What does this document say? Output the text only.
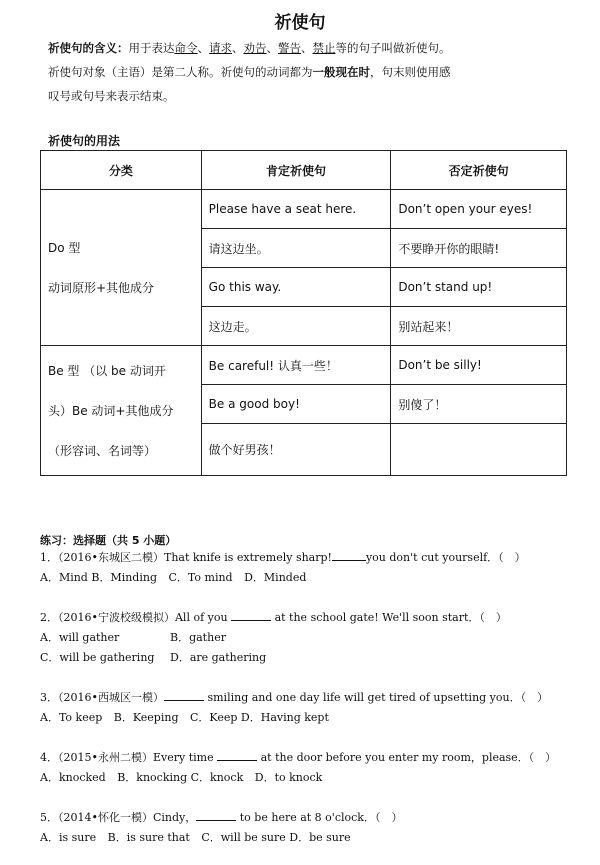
祈使句
祈使句的含义：用于表达命令、请求、劝告、警告、禁止等的句子叫做祈使句。
祈使句对象（主语）是第二人称。祈使句的动词都为一般现在时，句末则使用感
叹号或句号来表示结束。
祈使句的用法
分类	肯定祈使句	否定祈使句

Do 型
动词原形+其他成分	Please have a seat here.	Don’t open your eyes!
	请这边坐。	不要睁开你的眼睛!
	Go this way.	Don’t stand up!
	这边走。	别站起来！

Be 型 （以 be 动词开
头）Be 动词+其他成分
（形容词、名词等）	Be careful! 认真一些！	Don’t be silly!
	Be a good boy!	别傻了！
	做个好男孩！	
练习：选择题（共 5 小题）
1．（2016•东城区二模）That knife is extremely sharp!	you don't cut yourself．（　）
A．Mind B．Minding C．To mind D．Minded
2．（2016•宁波校级模拟）All of you	at the school gate! We'll soon start．（　）
A．will gather	B．gather
C．will be gathering D．are gathering
3．（2016•西城区一模）	smiling and one day life will get tired of upsetting you．（　）
A．To keep B．Keeping C．Keep D．Having kept
4．（2015•永州二模）Every time	at the door before you enter my room，please．（　）
A．knocked B．knocking C．knock D．to knock
5．（2014•怀化一模）Cindy，	to be here at 8 o'clock．（　）
A．is sure B．is sure that C．will be sure D．be sure
